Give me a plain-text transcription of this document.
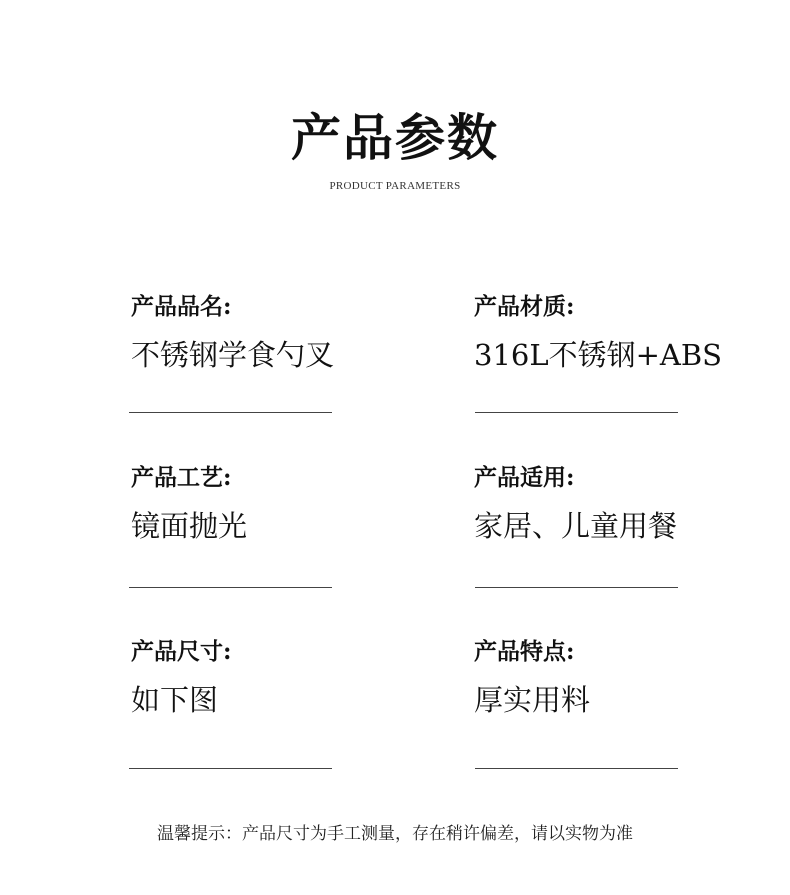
产品参数
PRODUCT PARAMETERS
产品品名:
不锈钢学食勺叉
产品材质:
316L不锈钢+ABS
产品工艺:
镜面抛光
产品适用:
家居、儿童用餐
产品尺寸:
如下图
产品特点:
厚实用料
温馨提示：产品尺寸为手工测量，存在稍许偏差，请以实物为准
